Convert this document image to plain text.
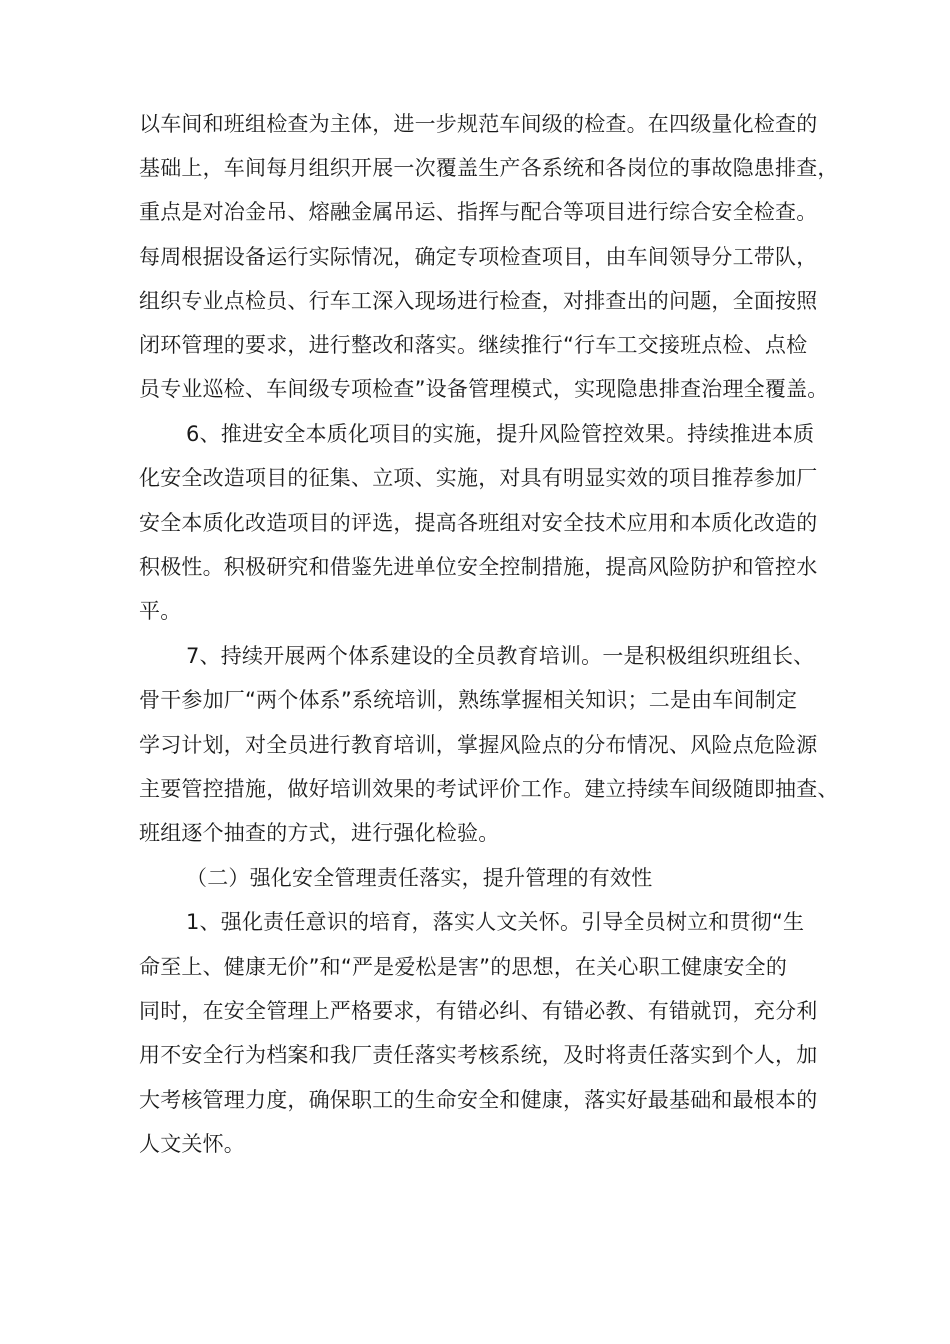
以车间和班组检查为主体，进一步规范车间级的检查。在四级量化检查的
基础上，车间每月组织开展一次覆盖生产各系统和各岗位的事故隐患排查，
重点是对冶金吊、熔融金属吊运、指挥与配合等项目进行综合安全检查。
每周根据设备运行实际情况，确定专项检查项目，由车间领导分工带队，
组织专业点检员、行车工深入现场进行检查，对排查出的问题，全面按照
闭环管理的要求，进行整改和落实。继续推行“行车工交接班点检、点检
员专业巡检、车间级专项检查”设备管理模式，实现隐患排查治理全覆盖。
6、推进安全本质化项目的实施，提升风险管控效果。持续推进本质
化安全改造项目的征集、立项、实施，对具有明显实效的项目推荐参加厂
安全本质化改造项目的评选，提高各班组对安全技术应用和本质化改造的
积极性。积极研究和借鉴先进单位安全控制措施，提高风险防护和管控水
平。
7、持续开展两个体系建设的全员教育培训。一是积极组织班组长、
骨干参加厂“两个体系”系统培训，熟练掌握相关知识；二是由车间制定
学习计划，对全员进行教育培训，掌握风险点的分布情况、风险点危险源
主要管控措施，做好培训效果的考试评价工作。建立持续车间级随即抽查、
班组逐个抽查的方式，进行强化检验。
（二）强化安全管理责任落实，提升管理的有效性
1、强化责任意识的培育，落实人文关怀。引导全员树立和贯彻“生
命至上、健康无价”和“严是爱松是害”的思想，在关心职工健康安全的
同时，在安全管理上严格要求，有错必纠、有错必教、有错就罚，充分利
用不安全行为档案和我厂责任落实考核系统，及时将责任落实到个人，加
大考核管理力度，确保职工的生命安全和健康，落实好最基础和最根本的
人文关怀。
